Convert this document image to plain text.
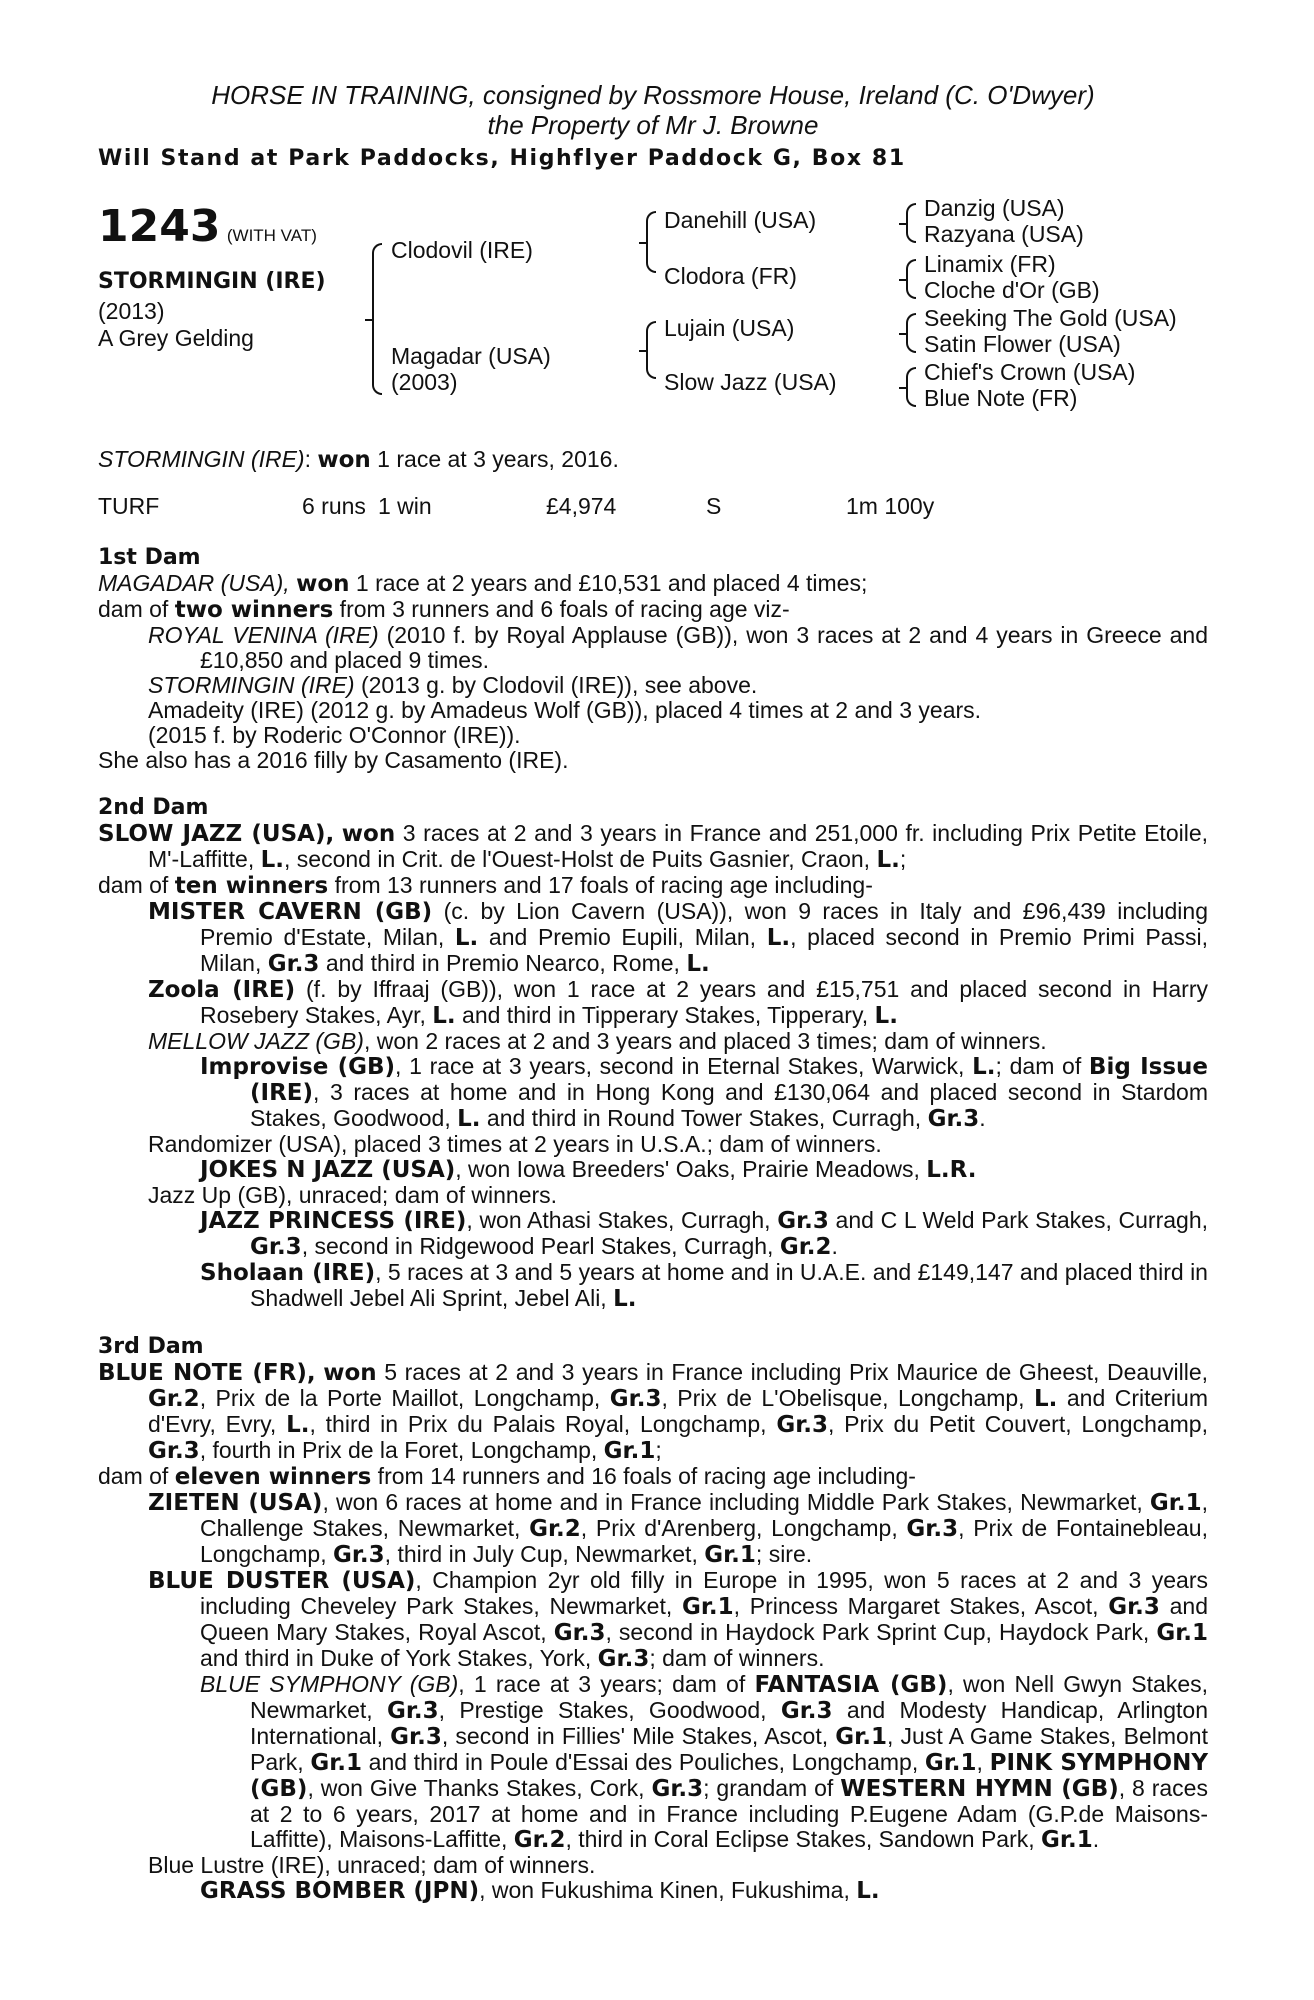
HORSE IN TRAINING, consigned by Rossmore House, Ireland (C. O'Dwyer)
the Property of Mr J. Browne
Will Stand at Park Paddocks, Highflyer Paddock G, Box 81
1243 (WITH VAT)
STORMINGIN (IRE)
(2013)
A Grey Gelding
Clodovil (IRE)
Magadar (USA)
(2003)
Danehill (USA)
Clodora (FR)
Lujain (USA)
Slow Jazz (USA)
Danzig (USA)
Razyana (USA)
Linamix (FR)
Cloche d'Or (GB)
Seeking The Gold (USA)
Satin Flower (USA)
Chief's Crown (USA)
Blue Note (FR)
STORMINGIN (IRE): won 1 race at 3 years, 2016.
TURF	6 runs 1 win	£4,974	S	1m 100y
1st Dam
MAGADAR (USA), won 1 race at 2 years and £10,531 and placed 4 times;
dam of two winners from 3 runners and 6 foals of racing age viz-
ROYAL VENINA (IRE) (2010 f. by Royal Applause (GB)), won 3 races at 2 and 4 years in Greece and £10,850 and placed 9 times.
STORMINGIN (IRE) (2013 g. by Clodovil (IRE)), see above.
Amadeity (IRE) (2012 g. by Amadeus Wolf (GB)), placed 4 times at 2 and 3 years.
(2015 f. by Roderic O'Connor (IRE)).
She also has a 2016 filly by Casamento (IRE).
2nd Dam
SLOW JAZZ (USA), won 3 races at 2 and 3 years in France and 251,000 fr. including Prix Petite Etoile, M'-Laffitte, L., second in Crit. de l'Ouest-Holst de Puits Gasnier, Craon, L.;
dam of ten winners from 13 runners and 17 foals of racing age including-
MISTER CAVERN (GB) (c. by Lion Cavern (USA)), won 9 races in Italy and £96,439 including Premio d'Estate, Milan, L. and Premio Eupili, Milan, L., placed second in Premio Primi Passi, Milan, Gr.3 and third in Premio Nearco, Rome, L.
Zoola (IRE) (f. by Iffraaj (GB)), won 1 race at 2 years and £15,751 and placed second in Harry Rosebery Stakes, Ayr, L. and third in Tipperary Stakes, Tipperary, L.
MELLOW JAZZ (GB), won 2 races at 2 and 3 years and placed 3 times; dam of winners.
Improvise (GB), 1 race at 3 years, second in Eternal Stakes, Warwick, L.; dam of Big Issue (IRE), 3 races at home and in Hong Kong and £130,064 and placed second in Stardom Stakes, Goodwood, L. and third in Round Tower Stakes, Curragh, Gr.3.
Randomizer (USA), placed 3 times at 2 years in U.S.A.; dam of winners.
JOKES N JAZZ (USA), won Iowa Breeders' Oaks, Prairie Meadows, L.R.
Jazz Up (GB), unraced; dam of winners.
JAZZ PRINCESS (IRE), won Athasi Stakes, Curragh, Gr.3 and C L Weld Park Stakes, Curragh, Gr.3, second in Ridgewood Pearl Stakes, Curragh, Gr.2.
Sholaan (IRE), 5 races at 3 and 5 years at home and in U.A.E. and £149,147 and placed third in Shadwell Jebel Ali Sprint, Jebel Ali, L.
3rd Dam
BLUE NOTE (FR), won 5 races at 2 and 3 years in France including Prix Maurice de Gheest, Deauville, Gr.2, Prix de la Porte Maillot, Longchamp, Gr.3, Prix de L'Obelisque, Longchamp, L. and Criterium d'Evry, Evry, L., third in Prix du Palais Royal, Longchamp, Gr.3, Prix du Petit Couvert, Longchamp, Gr.3, fourth in Prix de la Foret, Longchamp, Gr.1;
dam of eleven winners from 14 runners and 16 foals of racing age including-
ZIETEN (USA), won 6 races at home and in France including Middle Park Stakes, Newmarket, Gr.1, Challenge Stakes, Newmarket, Gr.2, Prix d'Arenberg, Longchamp, Gr.3, Prix de Fontainebleau, Longchamp, Gr.3, third in July Cup, Newmarket, Gr.1; sire.
BLUE DUSTER (USA), Champion 2yr old filly in Europe in 1995, won 5 races at 2 and 3 years including Cheveley Park Stakes, Newmarket, Gr.1, Princess Margaret Stakes, Ascot, Gr.3 and Queen Mary Stakes, Royal Ascot, Gr.3, second in Haydock Park Sprint Cup, Haydock Park, Gr.1 and third in Duke of York Stakes, York, Gr.3; dam of winners.
BLUE SYMPHONY (GB), 1 race at 3 years; dam of FANTASIA (GB), won Nell Gwyn Stakes, Newmarket, Gr.3, Prestige Stakes, Goodwood, Gr.3 and Modesty Handicap, Arlington International, Gr.3, second in Fillies' Mile Stakes, Ascot, Gr.1, Just A Game Stakes, Belmont Park, Gr.1 and third in Poule d'Essai des Pouliches, Longchamp, Gr.1, PINK SYMPHONY (GB), won Give Thanks Stakes, Cork, Gr.3; grandam of WESTERN HYMN (GB), 8 races at 2 to 6 years, 2017 at home and in France including P.Eugene Adam (G.P.de Maisons-Laffitte), Maisons-Laffitte, Gr.2, third in Coral Eclipse Stakes, Sandown Park, Gr.1.
Blue Lustre (IRE), unraced; dam of winners.
GRASS BOMBER (JPN), won Fukushima Kinen, Fukushima, L.
